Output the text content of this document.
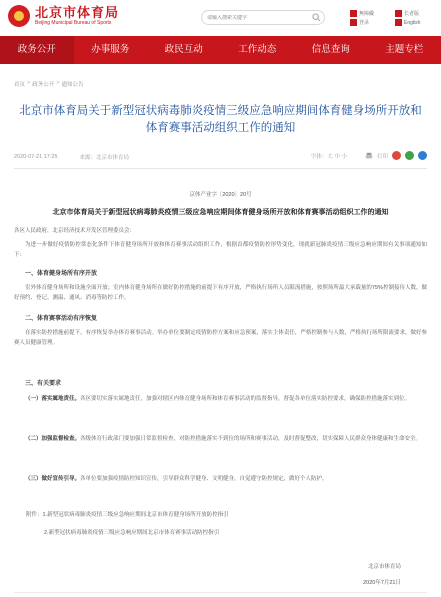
北京市体育局
Beijing Municipal Bureau of Sports
请输入搜索关键字
無障礙
登录
长者版
English
政务公开	办事服务	政民互动	工作动态	信息查询	主题专栏
首页 > 政务公开 > 通知公告
北京市体育局关于新型冠状病毒肺炎疫情三级应急响应期间体育健身场所开放和体育赛事活动组织工作的通知
2020-07-21 17:25	来源：北京市体育局	字体：大 中 小	打印
京体产业字〔2020〕20号
北京市体育局关于新型冠状病毒肺炎疫情三级应急响应期间体育健身场所开放和体育赛事活动组织工作的通知
各区人民政府，北京经济技术开发区管理委员会：
为进一步做好疫情防控常态化条件下体育健身场所开放和体育赛事活动组织工作，根据首都疫情防控形势变化，现就新冠肺炎疫情三级应急响应期间有关事项通知如下：
一、体育健身场所有序开放
室外体育健身场所和设施全面开放；室内体育健身场所在做好防控措施的前提下有序开放，严格执行场所人员限流措施，按照场所最大承载量的75%控制接待人数，做好预约、登记、测温、通风、消毒等防控工作。
二、体育赛事活动有序恢复
在落实防控措施前提下，有序恢复举办体育赛事活动。举办单位要制定疫情防控方案和应急预案，落实主体责任，严格控制参与人数，严格执行场所限流要求，做好参赛人员健康管理。
三、有关要求
（一）落实属地责任。各区要切实落实属地责任，加强对辖区内体育健身场所和体育赛事活动的监督指导，督促各单位落实防控要求，确保防控措施落实到位。
（二）加强监督检查。各级体育行政部门要加强日常监督检查，对防控措施落实不到位的场所和赛事活动，及时督促整改，切实保障人民群众身体健康和生命安全。
（三）做好宣传引导。各单位要加强疫情防控知识宣传，引导群众科学健身、文明健身，自觉遵守防控规定，做好个人防护。
附件：1.新型冠状病毒肺炎疫情三级应急响应期间北京市体育健身场所开放防控指引
2.新型冠状病毒肺炎疫情三级应急响应期间北京市体育赛事活动防控指引
北京市体育局
2020年7月21日
